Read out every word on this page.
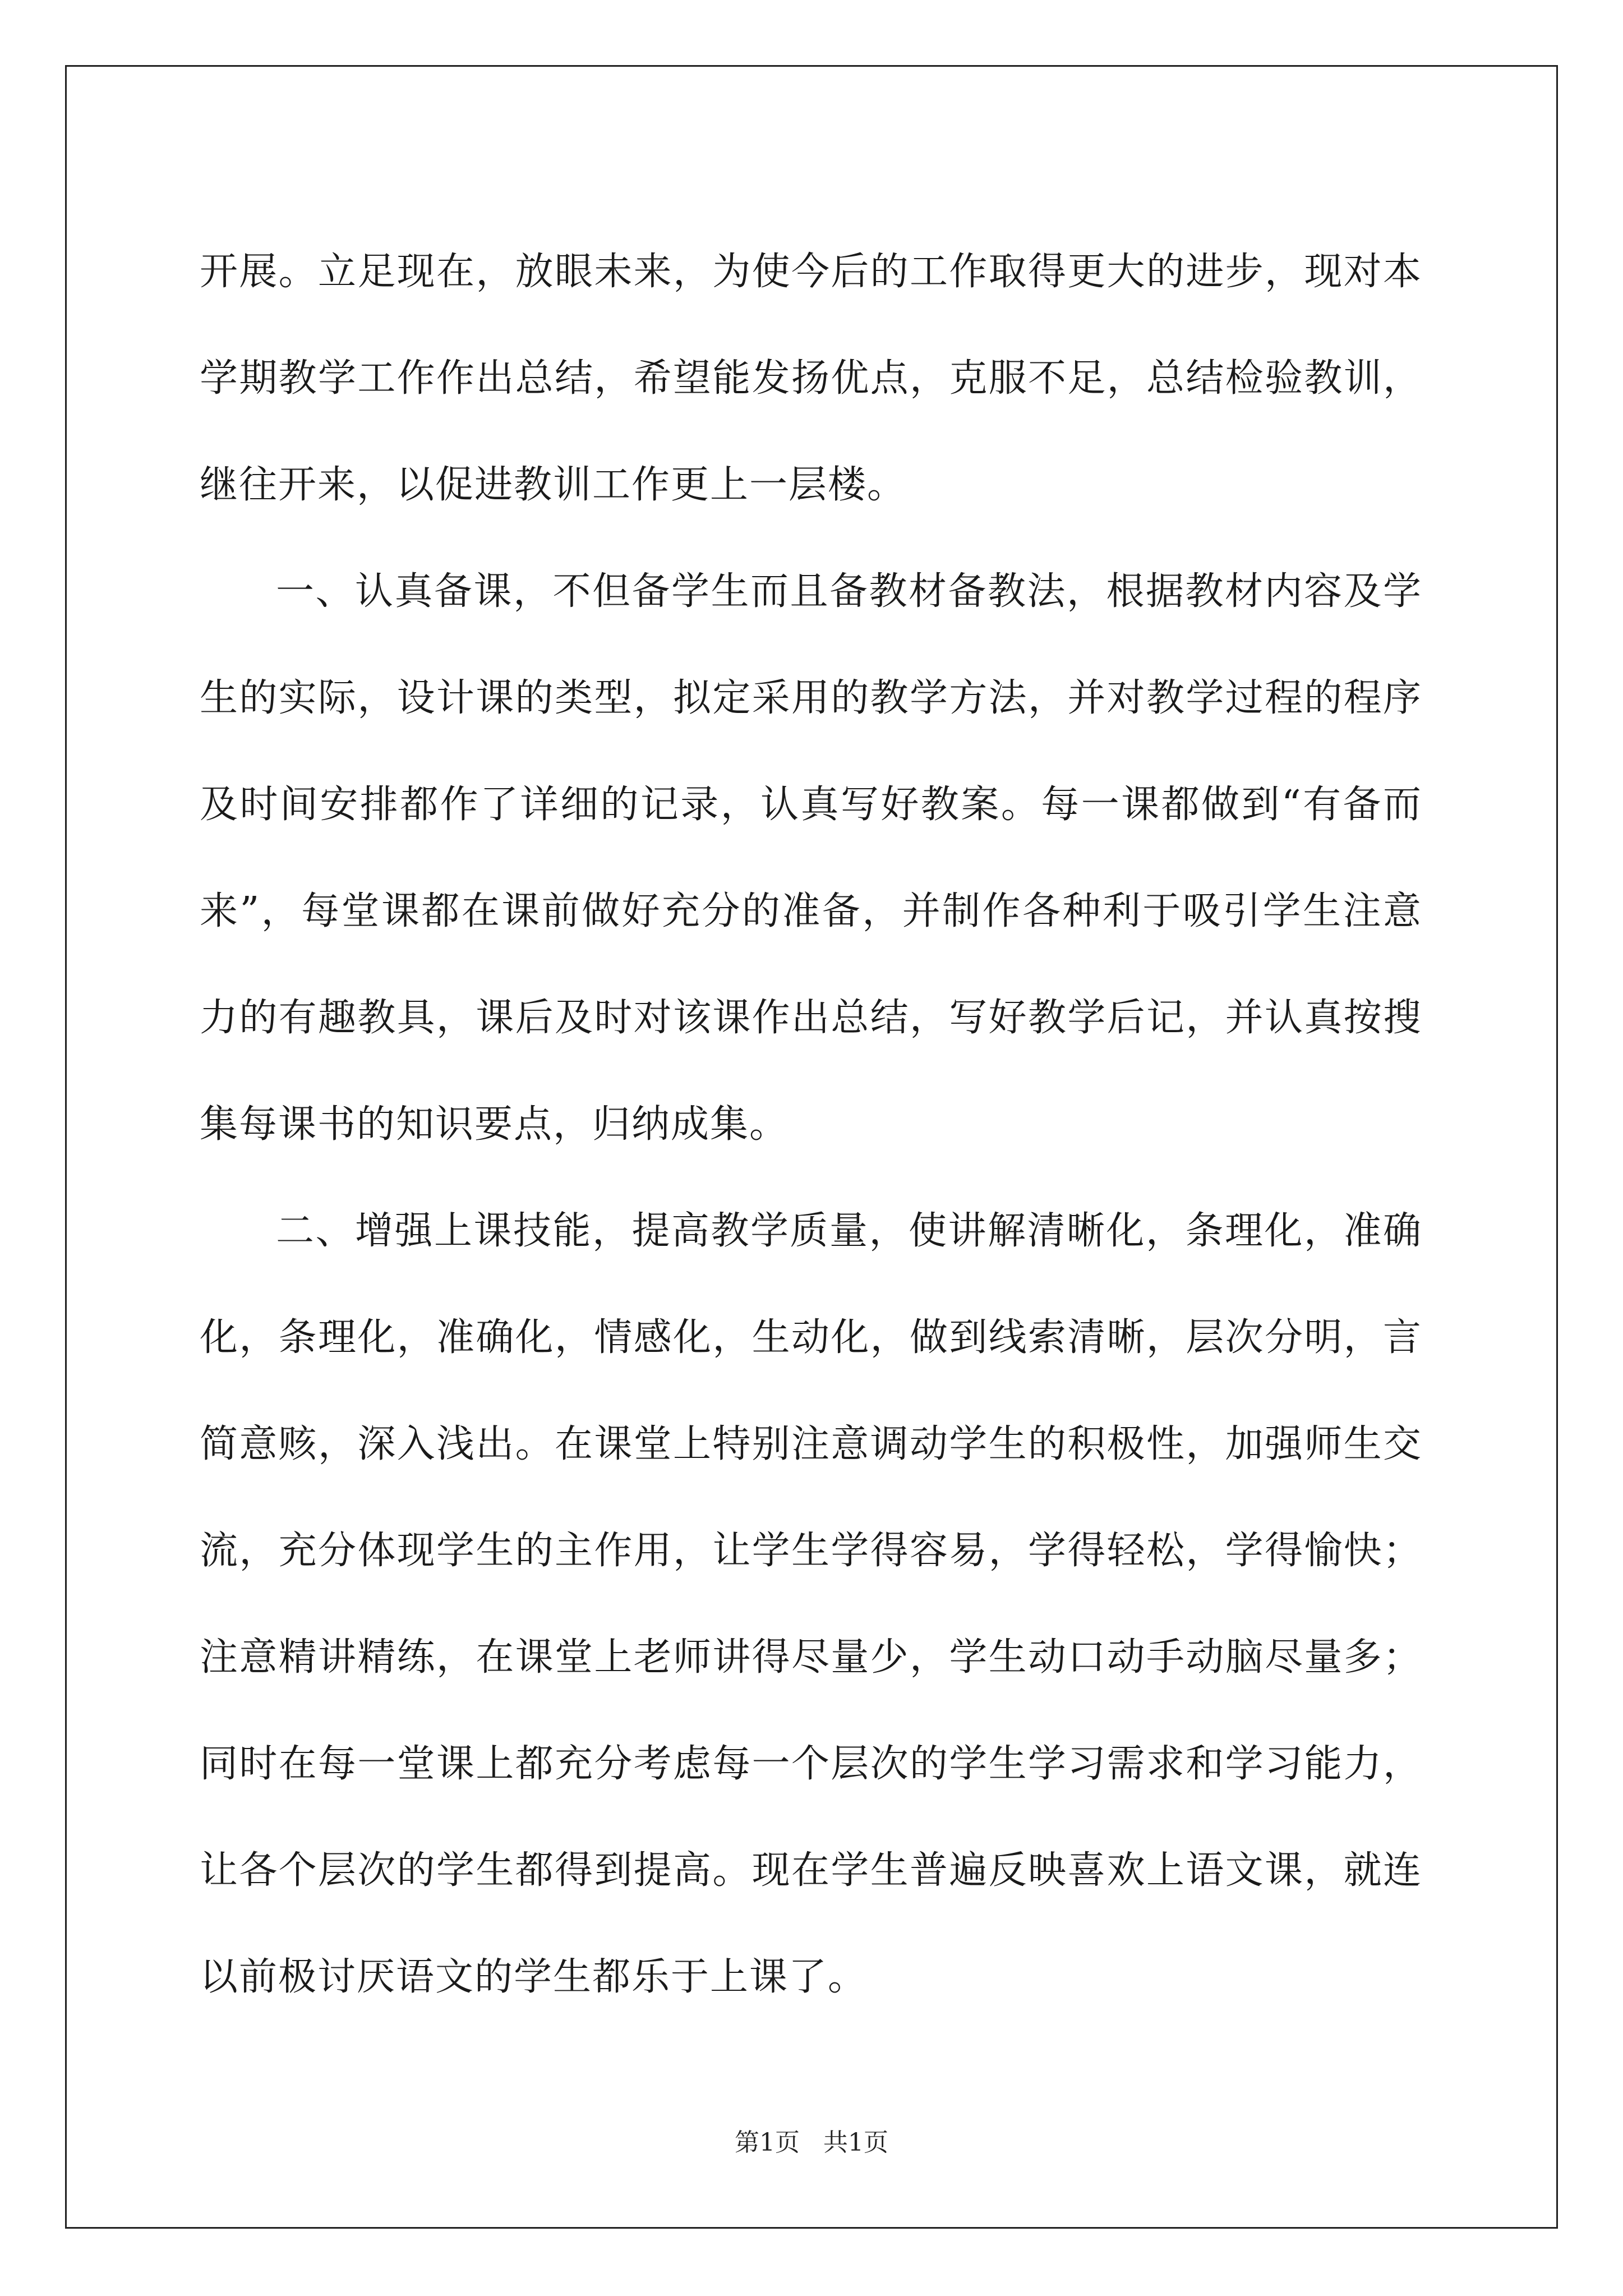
开展。立足现在，放眼未来，为使今后的工作取得更大的进步，现对本学期教学工作作出总结，希望能发扬优点，克服不足，总结检验教训，继往开来，以促进教训工作更上一层楼。

一、认真备课，不但备学生而且备教材备教法，根据教材内容及学生的实际，设计课的类型，拟定采用的教学方法，并对教学过程的程序及时间安排都作了详细的记录，认真写好教案。每一课都做到“有备而来”，每堂课都在课前做好充分的准备，并制作各种利于吸引学生注意力的有趣教具，课后及时对该课作出总结，写好教学后记，并认真按搜集每课书的知识要点，归纳成集。

二、增强上课技能，提高教学质量，使讲解清晰化，条理化，准确化，条理化，准确化，情感化，生动化，做到线索清晰，层次分明，言简意赅，深入浅出。在课堂上特别注意调动学生的积极性，加强师生交流，充分体现学生的主作用，让学生学得容易，学得轻松，学得愉快；注意精讲精练，在课堂上老师讲得尽量少，学生动口动手动脑尽量多；同时在每一堂课上都充分考虑每一个层次的学生学习需求和学习能力，让各个层次的学生都得到提高。现在学生普遍反映喜欢上语文课，就连以前极讨厌语文的学生都乐于上课了。

第1页 共1页
